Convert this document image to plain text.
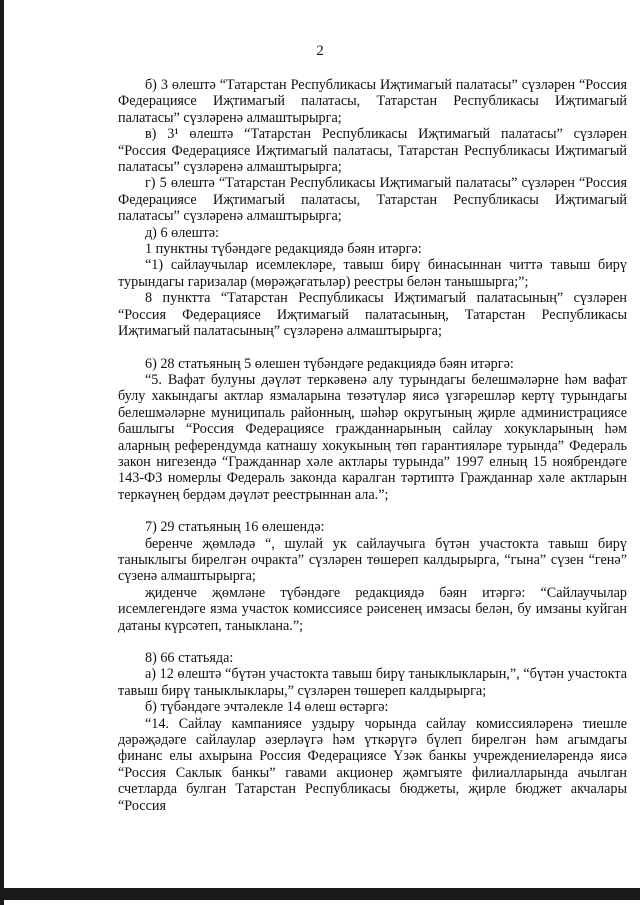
2

б) 3 өлештә “Татарстан Республикасы Иҗтимагый палатасы” сүзләрен “Россия Федерациясе Иҗтимагый палатасы, Татарстан Республикасы Иҗтимагый палатасы” сүзләренә алмаштырырга;

в) 3¹ өлештә “Татарстан Республикасы Иҗтимагый палатасы” сүзләрен “Россия Федерациясе Иҗтимагый палатасы, Татарстан Республикасы Иҗтимагый палатасы” сүзләренә алмаштырырга;

г) 5 өлештә “Татарстан Республикасы Иҗтимагый палатасы” сүзләрен “Россия Федерациясе Иҗтимагый палатасы, Татарстан Республикасы Иҗтимагый палатасы” сүзләренә алмаштырырга;

д) 6 өлештә:

1 пунктны түбәндәге редакциядә бәян итәргә:

“1) сайлаучылар исемлекләре, тавыш бирү бинасыннан читтә тавыш бирү турындагы гаризалар (мөрәҗәгатьләр) реестры белән танышырга;”;

8 пунктта “Татарстан Республикасы Иҗтимагый палатасының” сүзләрен “Россия Федерациясе Иҗтимагый палатасының, Татарстан Республикасы Иҗтимагый палатасының” сүзләренә алмаштырырга;

6) 28 статьяның 5 өлешен түбәндәге редакциядә бәян итәргә:

“5. Вафат булуны дәүләт теркәвенә алу турындагы белешмәләрне һәм вафат булу хакындагы актлар язмаларына төзәтүләр яисә үзгәрешләр кертү турындагы белешмәләрне муниципаль районның, шәһәр округының җирле администрациясе башлыгы “Россия Федерациясе гражданнарының сайлау хокукларының һәм аларның референдумда катнашу хокукының төп гарантияләре турында” Федераль закон нигезендә “Гражданнар хәле актлары турында” 1997 елның 15 ноябрендәге 143-ФЗ номерлы Федераль законда каралган тәртиптә Гражданнар хәле актларын теркәүнең бердәм дәүләт реестрыннан ала.”;

7) 29 статьяның 16 өлешендә:

беренче җөмләдә “, шулай ук сайлаучыга бүтән участокта тавыш бирү таныклыгы бирелгән очракта” сүзләрен төшереп калдырырга, “гына” сүзен “генә” сүзенә алмаштырырга;

җиденче җөмләне түбәндәге редакциядә бәян итәргә: “Сайлаучылар исемлегендәге язма участок комиссиясе рәисенең имзасы белән, бу имзаны куйган датаны күрсәтеп, таныклана.”;

8) 66 статьяда:

а) 12 өлештә “бүтән участокта тавыш бирү таныклыкларын,”, “бүтән участокта тавыш бирү таныклыклары,” сүзләрен төшереп калдырырга;

б) түбәндәге эчтәлекле 14 өлеш өстәргә:

“14. Сайлау кампаниясе уздыру чорында сайлау комиссияләренә тиешле дәрәҗәдәге сайлаулар әзерләүгә һәм үткәрүгә бүлеп бирелгән һәм агымдагы финанс елы ахырына Россия Федерациясе Үзәк банкы учреждениеләрендә яисә “Россия Саклык банкы” гавами акционер җәмгыяте филиалларында ачылган счетларда булган Татарстан Республикасы бюджеты, җирле бюджет акчалары “Россия
